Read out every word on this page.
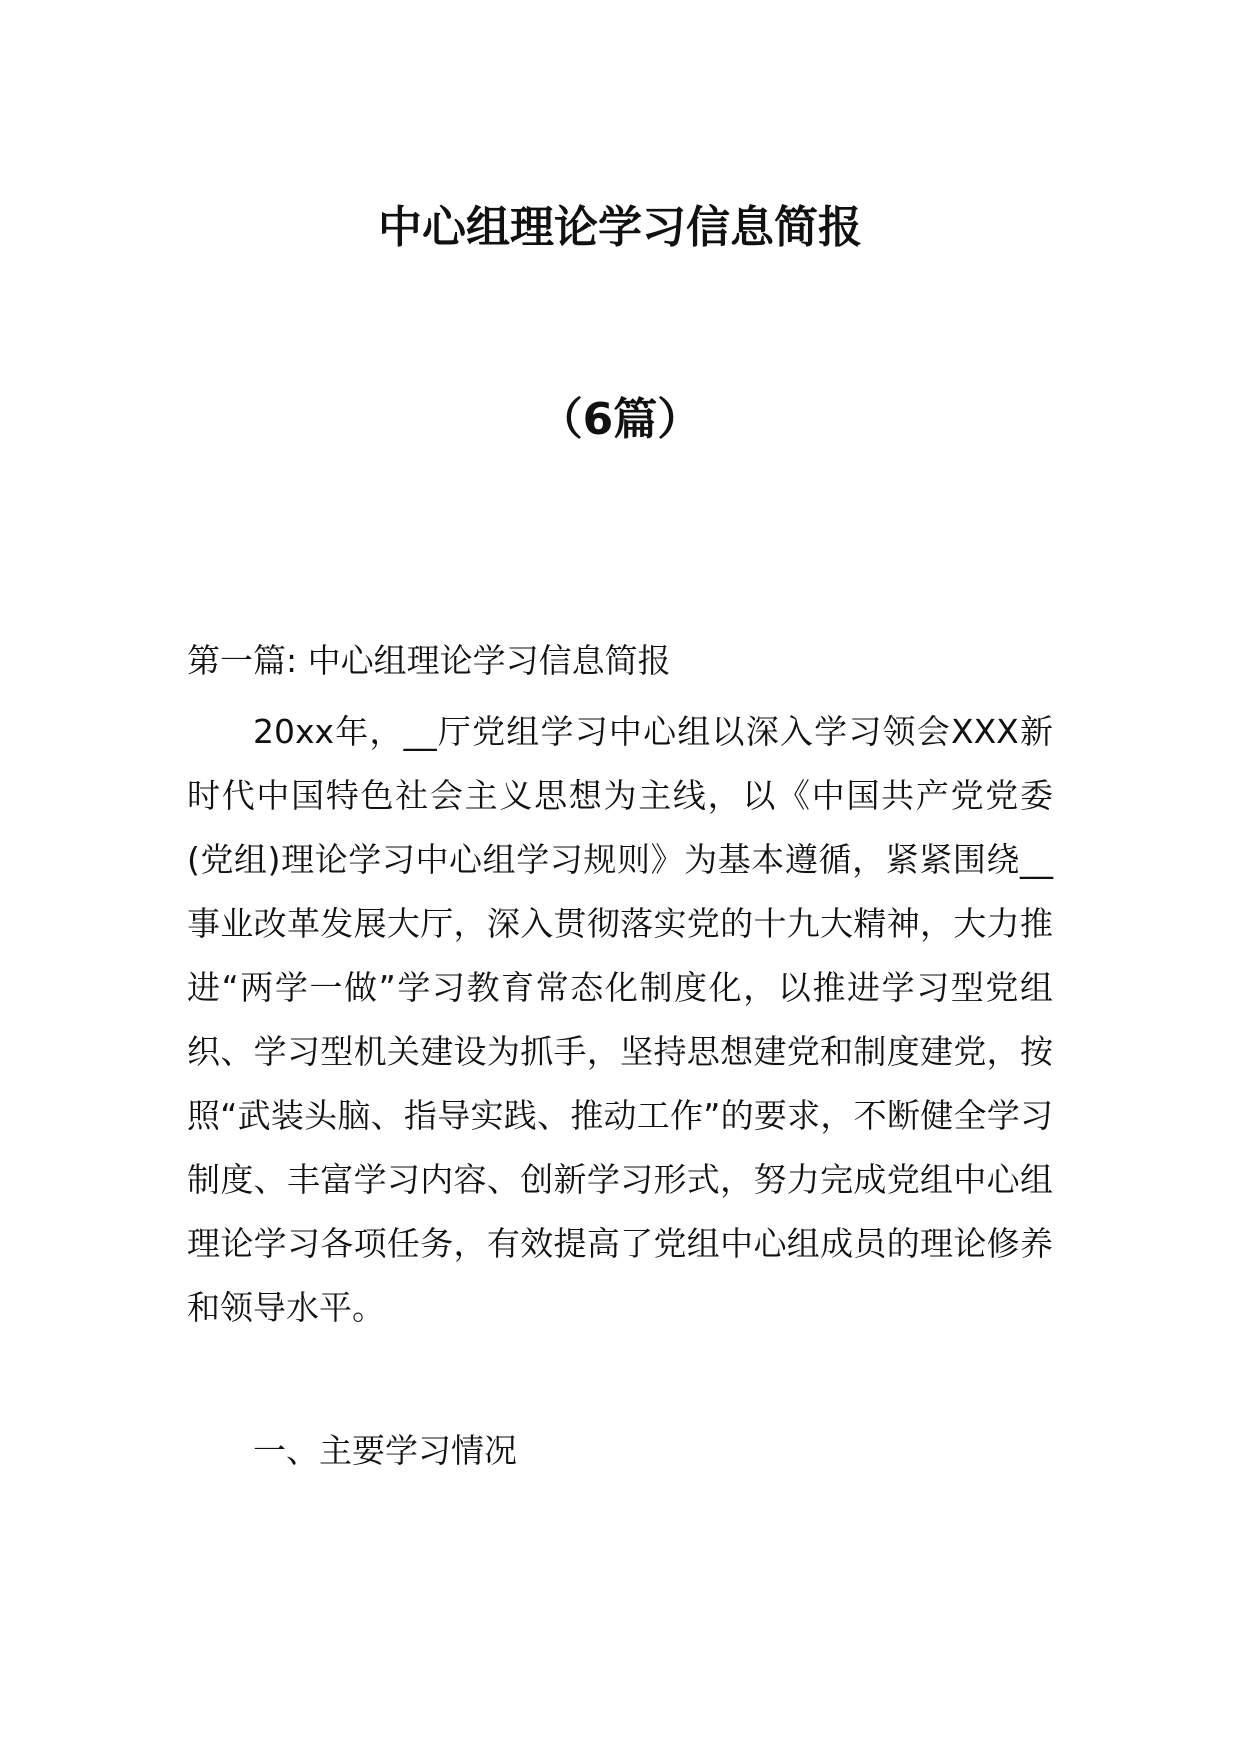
中心组理论学习信息简报
（6篇）

第一篇: 中心组理论学习信息简报

20xx年，__厅党组学习中心组以深入学习领会XXX新时代中国特色社会主义思想为主线，以《中国共产党党委(党组)理论学习中心组学习规则》为基本遵循，紧紧围绕__事业改革发展大厅，深入贯彻落实党的十九大精神，大力推进“两学一做”学习教育常态化制度化，以推进学习型党组织、学习型机关建设为抓手，坚持思想建党和制度建党，按照“武装头脑、指导实践、推动工作”的要求，不断健全学习制度、丰富学习内容、创新学习形式，努力完成党组中心组理论学习各项任务，有效提高了党组中心组成员的理论修养和领导水平。

一、主要学习情况
